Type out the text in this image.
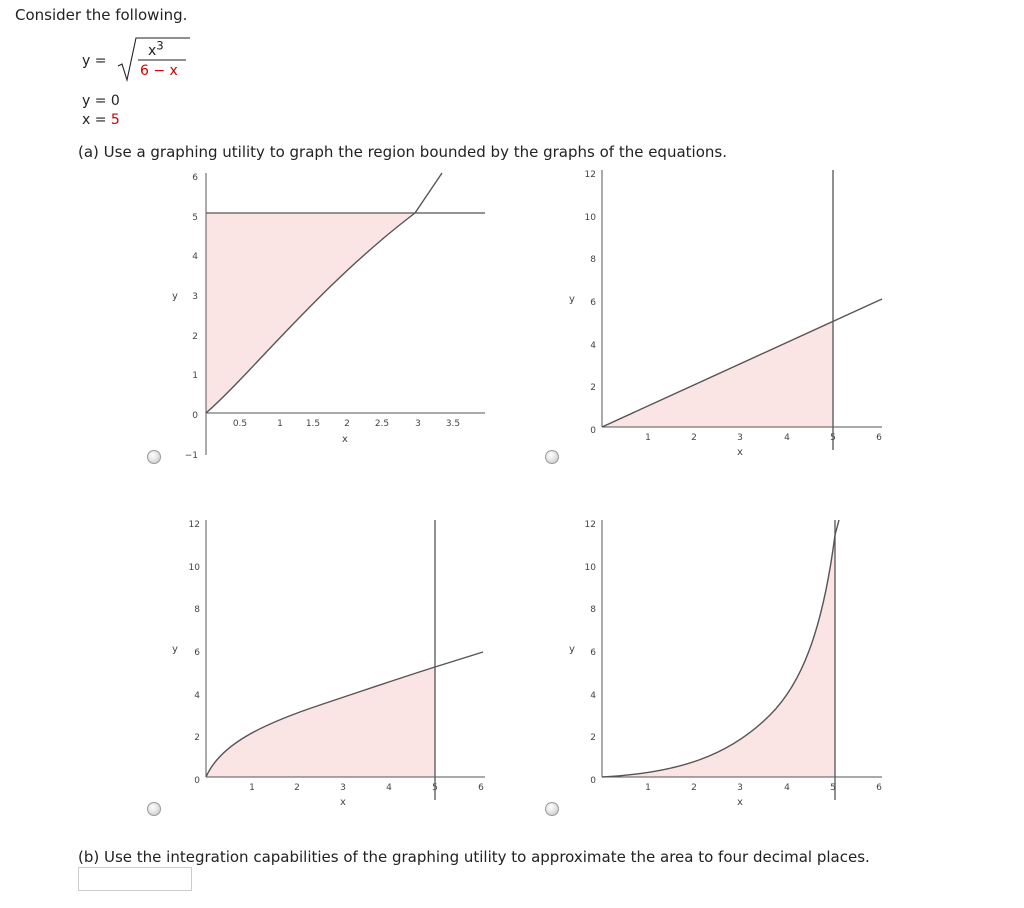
Consider the following.
y =
$x^3$
6 − x
y = 0
x = 5
(a) Use a graphing utility to graph the region bounded by the graphs of the equations.
6
5
4
3
2
1
0
−1
0.5	1	1.5	2	2.5	3	3.5
x
y
12
10
8
6
4
2
0
1	2	3	4	5	6
x
y
12
10
8
6
4
2
0
1	2	3	4	5	6
x
y
12
10
8
6
4
2
0
1	2	3	4	5	6
x
y
(b) Use the integration capabilities of the graphing utility to approximate the area to four decimal places.
